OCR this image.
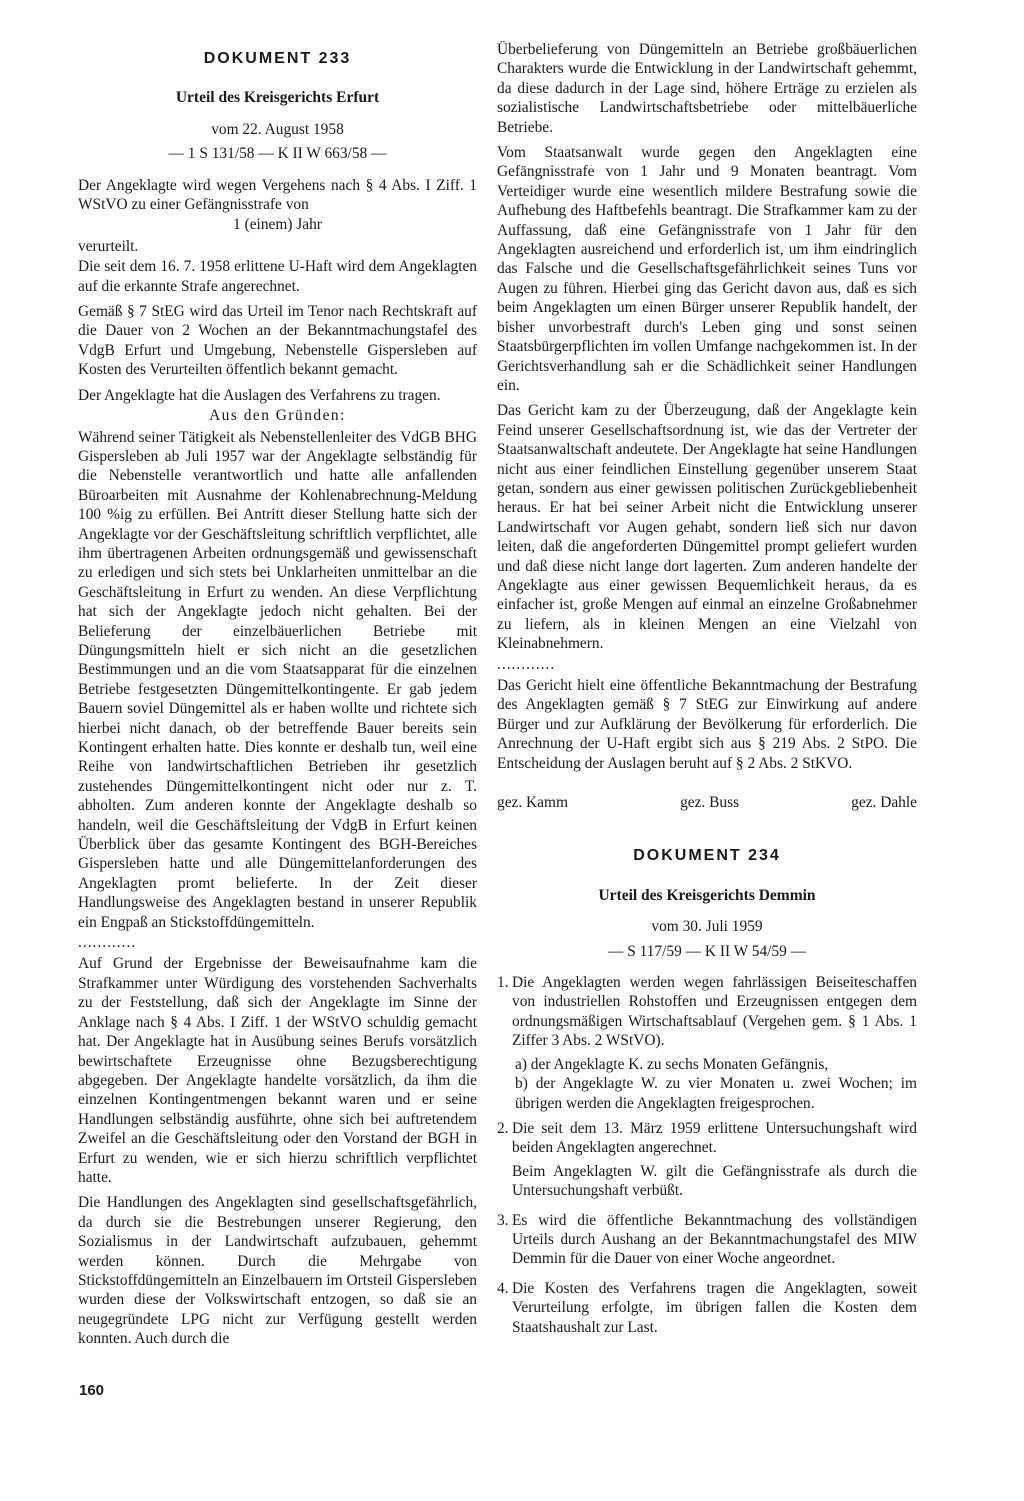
DOKUMENT 233
Urteil des Kreisgerichts Erfurt
vom 22. August 1958
— 1 S 131/58 — K II W 663/58 —

Der Angeklagte wird wegen Vergehens nach § 4 Abs. I Ziff. 1 WStVO zu einer Gefängnisstrafe von

1 (einem) Jahr

verurteilt.

Die seit dem 16. 7. 1958 erlittene U-Haft wird dem Angeklagten auf die erkannte Strafe angerechnet.

Gemäß § 7 StEG wird das Urteil im Tenor nach Rechtskraft auf die Dauer von 2 Wochen an der Bekanntmachungstafel des VdgB Erfurt und Umgebung, Nebenstelle Gispersleben auf Kosten des Verurteilten öffentlich bekannt gemacht.

Der Angeklagte hat die Auslagen des Verfahrens zu tragen.

Aus den Gründen:

Während seiner Tätigkeit als Nebenstellenleiter des VdGB BHG Gispersleben ab Juli 1957 war der Angeklagte selbständig für die Nebenstelle verantwortlich und hatte alle anfallenden Büroarbeiten mit Ausnahme der Kohlenabrechnung-Meldung 100 %ig zu erfüllen. Bei Antritt dieser Stellung hatte sich der Angeklagte vor der Geschäftsleitung schriftlich verpflichtet, alle ihm übertragenen Arbeiten ordnungsgemäß und gewissenschaft zu erledigen und sich stets bei Unklarheiten unmittelbar an die Geschäftsleitung in Erfurt zu wenden. An diese Verpflichtung hat sich der Angeklagte jedoch nicht gehalten. Bei der Belieferung der einzelbäuerlichen Betriebe mit Düngungsmitteln hielt er sich nicht an die gesetzlichen Bestimmungen und an die vom Staatsapparat für die einzelnen Betriebe festgesetzten Düngemittelkontingente. Er gab jedem Bauern soviel Düngemittel als er haben wollte und richtete sich hierbei nicht danach, ob der betreffende Bauer bereits sein Kontingent erhalten hatte. Dies konnte er deshalb tun, weil eine Reihe von landwirtschaftlichen Betrieben ihr gesetzlich zustehendes Düngemittelkontingent nicht oder nur z. T. abholten. Zum anderen konnte der Angeklagte deshalb so handeln, weil die Geschäftsleitung der VdgB in Erfurt keinen Überblick über das gesamte Kontingent des BGH-Bereiches Gispersleben hatte und alle Düngemittelanforderungen des Angeklagten promt belieferte. In der Zeit dieser Handlungsweise des Angeklagten bestand in unserer Republik ein Engpaß an Stickstoffdüngemitteln.

............

Auf Grund der Ergebnisse der Beweisaufnahme kam die Strafkammer unter Würdigung des vorstehenden Sachverhalts zu der Feststellung, daß sich der Angeklagte im Sinne der Anklage nach § 4 Abs. I Ziff. 1 der WStVO schuldig gemacht hat. Der Angeklagte hat in Ausübung seines Berufs vorsätzlich bewirtschaftete Erzeugnisse ohne Bezugsberechtigung abgegeben. Der Angeklagte handelte vorsätzlich, da ihm die einzelnen Kontingentmengen bekannt waren und er seine Handlungen selbständig ausführte, ohne sich bei auftretendem Zweifel an die Geschäftsleitung oder den Vorstand der BGH in Erfurt zu wenden, wie er sich hierzu schriftlich verpflichtet hatte.

Die Handlungen des Angeklagten sind gesellschaftsgefährlich, da durch sie die Bestrebungen unserer Regierung, den Sozialismus in der Landwirtschaft aufzubauen, gehemmt werden können. Durch die Mehrgabe von Stickstoffdüngemitteln an Einzelbauern im Ortsteil Gispersleben wurden diese der Volkswirtschaft entzogen, so daß sie an neugegründete LPG nicht zur Verfügung gestellt werden konnten. Auch durch die

Überbelieferung von Düngemitteln an Betriebe großbäuerlichen Charakters wurde die Entwicklung in der Landwirtschaft gehemmt, da diese dadurch in der Lage sind, höhere Erträge zu erzielen als sozialistische Landwirtschaftsbetriebe oder mittelbäuerliche Betriebe.

Vom Staatsanwalt wurde gegen den Angeklagten eine Gefängnisstrafe von 1 Jahr und 9 Monaten beantragt. Vom Verteidiger wurde eine wesentlich mildere Bestrafung sowie die Aufhebung des Haftbefehls beantragt. Die Strafkammer kam zu der Auffassung, daß eine Gefängnisstrafe von 1 Jahr für den Angeklagten ausreichend und erforderlich ist, um ihm eindringlich das Falsche und die Gesellschaftsgefährlichkeit seines Tuns vor Augen zu führen. Hierbei ging das Gericht davon aus, daß es sich beim Angeklagten um einen Bürger unserer Republik handelt, der bisher unvorbestraft durch's Leben ging und sonst seinen Staatsbürgerpflichten im vollen Umfange nachgekommen ist. In der Gerichtsverhandlung sah er die Schädlichkeit seiner Handlungen ein.

Das Gericht kam zu der Überzeugung, daß der Angeklagte kein Feind unserer Gesellschaftsordnung ist, wie das der Vertreter der Staatsanwaltschaft andeutete. Der Angeklagte hat seine Handlungen nicht aus einer feindlichen Einstellung gegenüber unserem Staat getan, sondern aus einer gewissen politischen Zurückgebliebenheit heraus. Er hat bei seiner Arbeit nicht die Entwicklung unserer Landwirtschaft vor Augen gehabt, sondern ließ sich nur davon leiten, daß die angeforderten Düngemittel prompt geliefert wurden und daß diese nicht lange dort lagerten. Zum anderen handelte der Angeklagte aus einer gewissen Bequemlichkeit heraus, da es einfacher ist, große Mengen auf einmal an einzelne Großabnehmer zu liefern, als in kleinen Mengen an eine Vielzahl von Kleinabnehmern.

............

Das Gericht hielt eine öffentliche Bekanntmachung der Bestrafung des Angeklagten gemäß § 7 StEG zur Einwirkung auf andere Bürger und zur Aufklärung der Bevölkerung für erforderlich. Die Anrechnung der U-Haft ergibt sich aus § 219 Abs. 2 StPO. Die Entscheidung der Auslagen beruht auf § 2 Abs. 2 StKVO.

gez. Kamm	gez. Buss	gez. Dahle
DOKUMENT 234
Urteil des Kreisgerichts Demmin
vom 30. Juli 1959
— S 117/59 — K II W 54/59 —
1. Die Angeklagten werden wegen fahrlässigen Beiseiteschaffen von industriellen Rohstoffen und Erzeugnissen entgegen dem ordnungsmäßigen Wirtschaftsablauf (Vergehen gem. § 1 Abs. 1 Ziffer 3 Abs. 2 WStVO).

a) der Angeklagte K. zu sechs Monaten Gefängnis,
b) der Angeklagte W. zu vier Monaten u. zwei Wochen; im übrigen werden die Angeklagten freigesprochen.
2. Die seit dem 13. März 1959 erlittene Untersuchungshaft wird beiden Angeklagten angerechnet.

Beim Angeklagten W. gilt die Gefängnisstrafe als durch die Untersuchungshaft verbüßt.

3. Es wird die öffentliche Bekanntmachung des vollständigen Urteils durch Aushang an der Bekanntmachungstafel des MIW Demmin für die Dauer von einer Woche angeordnet.

4. Die Kosten des Verfahrens tragen die Angeklagten, soweit Verurteilung erfolgte, im übrigen fallen die Kosten dem Staatshaushalt zur Last.

160
